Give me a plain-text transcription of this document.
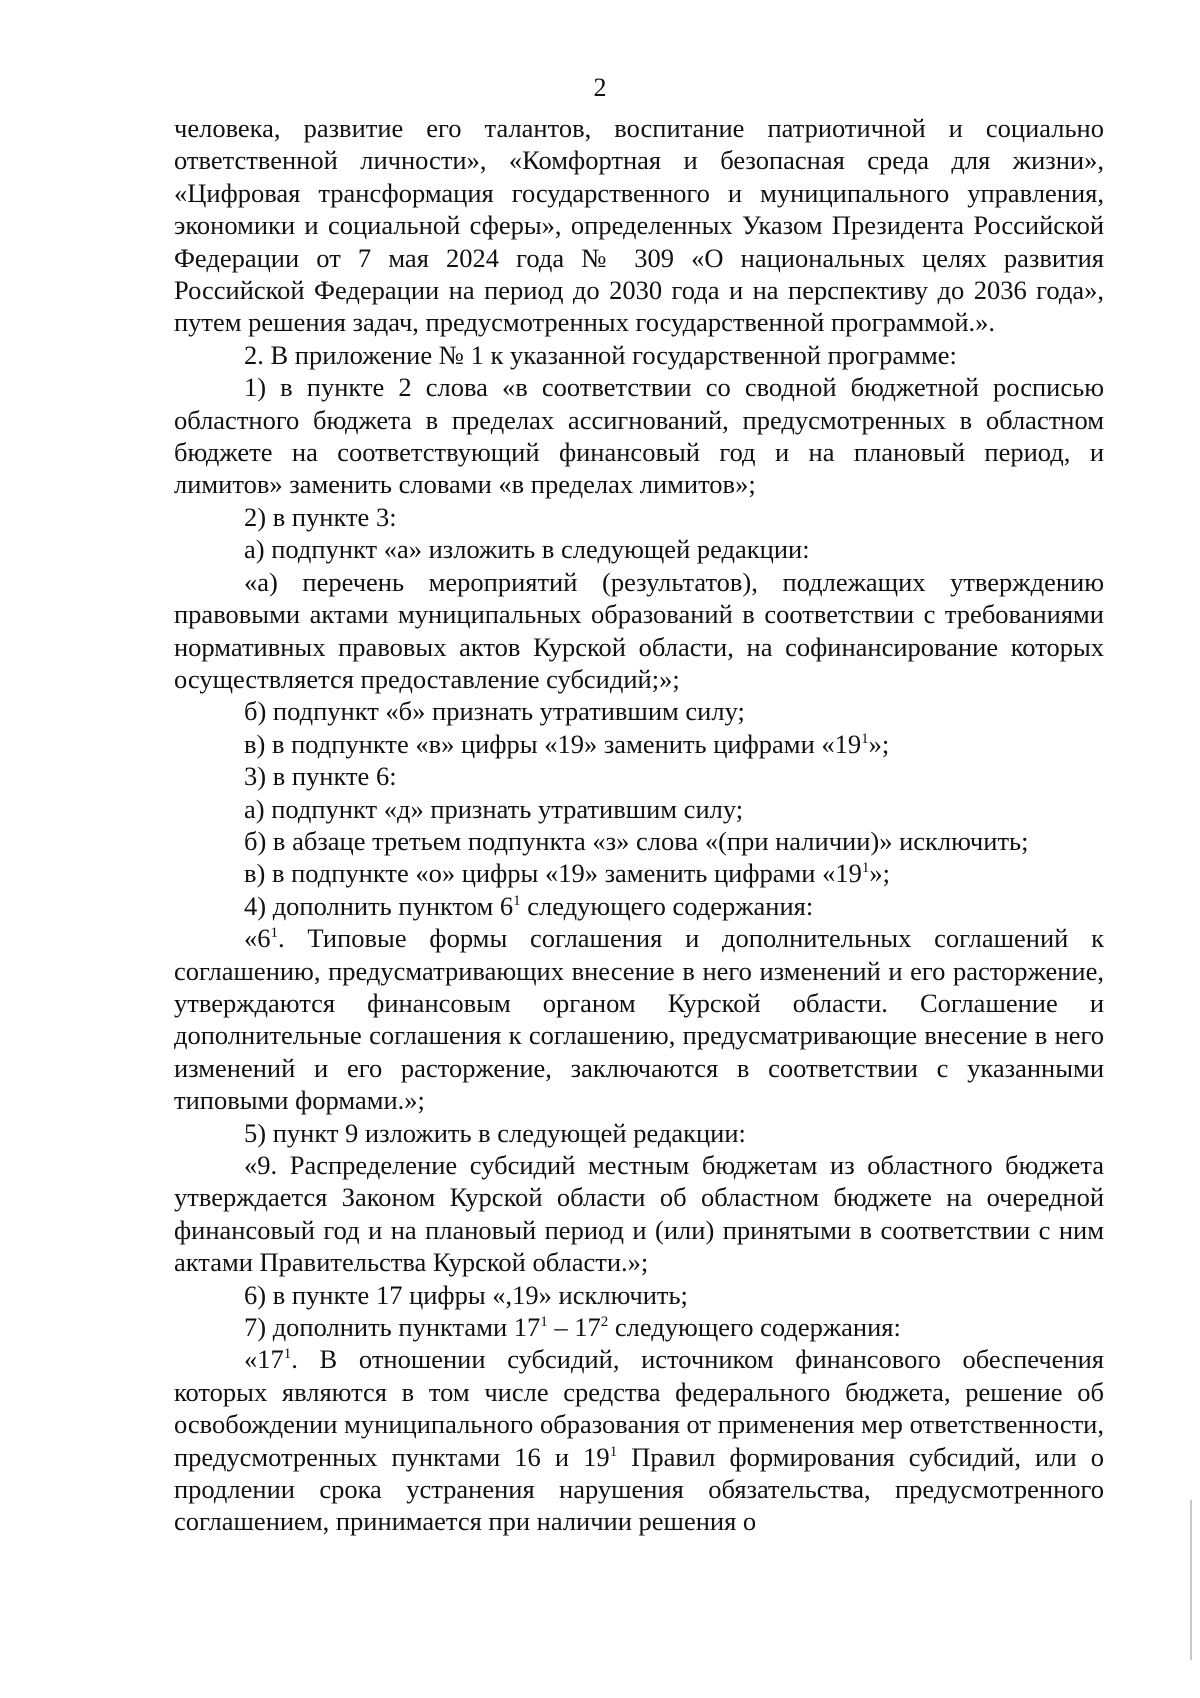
2

человека, развитие его талантов, воспитание патриотичной и социально ответственной личности», «Комфортная и безопасная среда для жизни», «Цифровая трансформация государственного и муниципального управления, экономики и социальной сферы», определенных Указом Президента Российской Федерации от 7 мая 2024 года № 309 «О национальных целях развития Российской Федерации на период до 2030 года и на перспективу до 2036 года», путем решения задач, предусмотренных государственной программой.».

2. В приложение № 1 к указанной государственной программе:

1) в пункте 2 слова «в соответствии со сводной бюджетной росписью областного бюджета в пределах ассигнований, предусмотренных в областном бюджете на соответствующий финансовый год и на плановый период, и лимитов» заменить словами «в пределах лимитов»;

2) в пункте 3:

а) подпункт «а» изложить в следующей редакции:

«а) перечень мероприятий (результатов), подлежащих утверждению правовыми актами муниципальных образований в соответствии с требованиями нормативных правовых актов Курской области, на софинансирование которых осуществляется предоставление субсидий;»;

б) подпункт «б» признать утратившим силу;

в) в подпункте «в» цифры «19» заменить цифрами «$19^1$»;

3) в пункте 6:

а) подпункт «д» признать утратившим силу;

б) в абзаце третьем подпункта «з» слова «(при наличии)» исключить;

в) в подпункте «о» цифры «19» заменить цифрами «$19^1$»;

4) дополнить пунктом $6^1$ следующего содержания:

«$6^1$. Типовые формы соглашения и дополнительных соглашений к соглашению, предусматривающих внесение в него изменений и его расторжение, утверждаются финансовым органом Курской области. Соглашение и дополнительные соглашения к соглашению, предусматривающие внесение в него изменений и его расторжение, заключаются в соответствии с указанными типовыми формами.»;

5) пункт 9 изложить в следующей редакции:

«9. Распределение субсидий местным бюджетам из областного бюджета утверждается Законом Курской области об областном бюджете на очередной финансовый год и на плановый период и (или) принятыми в соответствии с ним актами Правительства Курской области.»;

6) в пункте 17 цифры «,19» исключить;

7) дополнить пунктами $17^1 - 17^2$ следующего содержания:

«$17^1$. В отношении субсидий, источником финансового обеспечения которых являются в том числе средства федерального бюджета, решение об освобождении муниципального образования от применения мер ответственности, предусмотренных пунктами 16 и $19^1$ Правил формирования субсидий, или о продлении срока устранения нарушения обязательства, предусмотренного соглашением, принимается при наличии решения о
